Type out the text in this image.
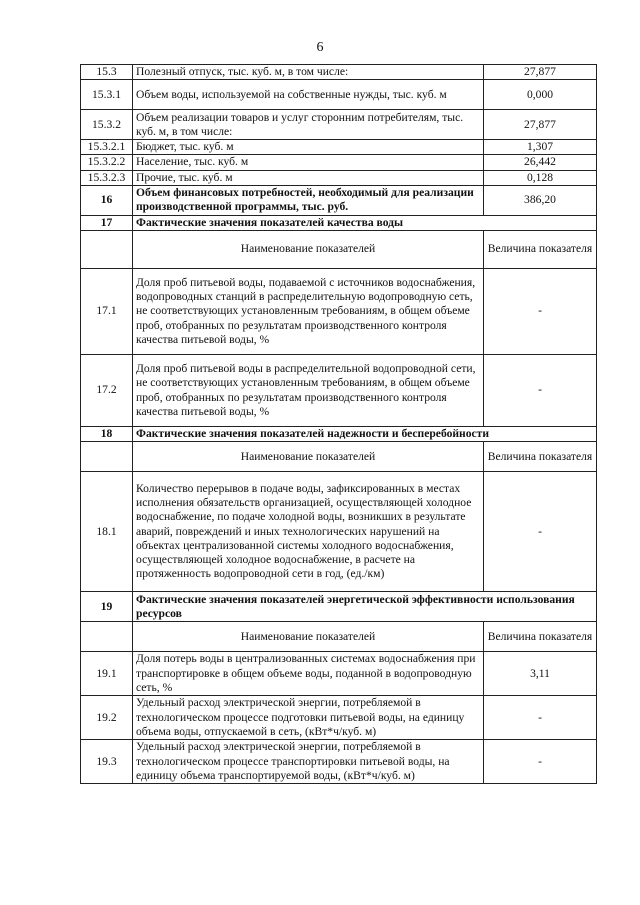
6
15.3	Полезный отпуск, тыс. куб. м, в том числе:	27,877
15.3.1	Объем воды, используемой на собственные нужды, тыс. куб. м	0,000
15.3.2	Объем реализации товаров и услуг сторонним потребителям, тыс. куб. м, в том числе:	27,877
15.3.2.1	Бюджет, тыс. куб. м	1,307
15.3.2.2	Население, тыс. куб. м	26,442
15.3.2.3	Прочие, тыс. куб. м	0,128
16	Объем финансовых потребностей, необходимый для реализации производственной программы, тыс. руб.	386,20
17	Фактические значения показателей качества воды	
	Наименование показателей	Величина показателя
17.1	Доля проб питьевой воды, подаваемой с источников водоснабжения, водопроводных станций в распределительную водопроводную сеть, не соответствующих установленным требованиям, в общем объеме проб, отобранных по результатам производственного контроля качества питьевой воды, %	-
17.2	Доля проб питьевой воды в распределительной водопроводной сети, не соответствующих установленным требованиям, в общем объеме проб, отобранных по результатам производственного контроля качества питьевой воды, %	-
18	Фактические значения показателей надежности и бесперебойности	
	Наименование показателей	Величина показателя
18.1	Количество перерывов в подаче воды, зафиксированных в местах исполнения обязательств организацией, осуществляющей холодное водоснабжение, по подаче холодной воды, возникших в результате аварий, повреждений и иных технологических нарушений на объектах централизованной системы холодного водоснабжения, осуществляющей холодное водоснабжение, в расчете на протяженность водопроводной сети в год, (ед./км)	-
19	Фактические значения показателей энергетической эффективности использования ресурсов	
	Наименование показателей	Величина показателя
19.1	Доля потерь воды в централизованных системах водоснабжения при транспортировке в общем объеме воды, поданной в водопроводную сеть, %	3,11
19.2	Удельный расход электрической энергии, потребляемой в технологическом процессе подготовки питьевой воды, на единицу объема воды, отпускаемой в сеть, (кВт*ч/куб. м)	-
19.3	Удельный расход электрической энергии, потребляемой в технологическом процессе транспортировки питьевой воды, на единицу объема транспортируемой воды, (кВт*ч/куб. м)	-
